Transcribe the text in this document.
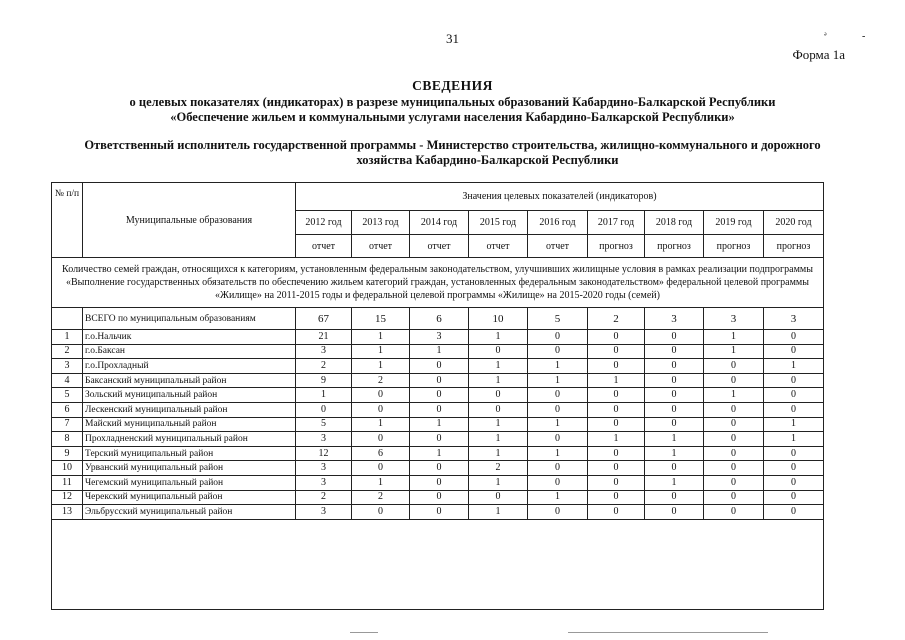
31	ᵊ	-
Форма 1а
СВЕДЕНИЯ
о целевых показателях (индикаторах) в разрезе муниципальных образований Кабардино-Балкарской Республики
«Обеспечение жильем и коммунальными услугами населения Кабардино-Балкарской Республики»
Ответственный исполнитель государственной программы - Министерство строительства, жилищно-коммунального и дорожного
хозяйства Кабардино-Балкарской Республики
№ п/п	Муниципальные образования	Значения целевых показателей (индикаторов)								
		2012 год	2013 год	2014 год	2015 год	2016 год	2017 год	2018 год	2019 год	2020 год
		отчет	отчет	отчет	отчет	отчет	прогноз	прогноз	прогноз	прогноз
Количество семей граждан, относящихся к категориям, установленным федеральным законодательством, улучшивших жилищные условия в рамках реализации подпрограммы «Выполнение государственных обязательств по обеспечению жильем категорий граждан, установленных федеральным законодательством» федеральной целевой программы «Жилище» на 2011-2015 годы и федеральной целевой программы «Жилище» на 2015-2020 годы (семей)										
	ВСЕГО по муниципальным образованиям	67	15	6	10	5	2	3	3	3
1	г.о.Нальчик	21	1	3	1	0	0	0	1	0
2	г.о.Баксан	3	1	1	0	0	0	0	1	0
3	г.о.Прохладный	2	1	0	1	1	0	0	0	1
4	Баксанский муниципальный район	9	2	0	1	1	1	0	0	0
5	Зольский муниципальный район	1	0	0	0	0	0	0	1	0
6	Лескенский муниципальный район	0	0	0	0	0	0	0	0	0
7	Майский муниципальный район	5	1	1	1	1	0	0	0	1
8	Прохладненский муниципальный район	3	0	0	1	0	1	1	0	1
9	Терский муниципальный район	12	6	1	1	1	0	1	0	0
10	Урванский муниципальный район	3	0	0	2	0	0	0	0	0
11	Чегемский муниципальный район	3	1	0	1	0	0	1	0	0
12	Черекский муниципальный район	2	2	0	0	1	0	0	0	0
13	Эльбрусский муниципальный район	3	0	0	1	0	0	0	0	0
